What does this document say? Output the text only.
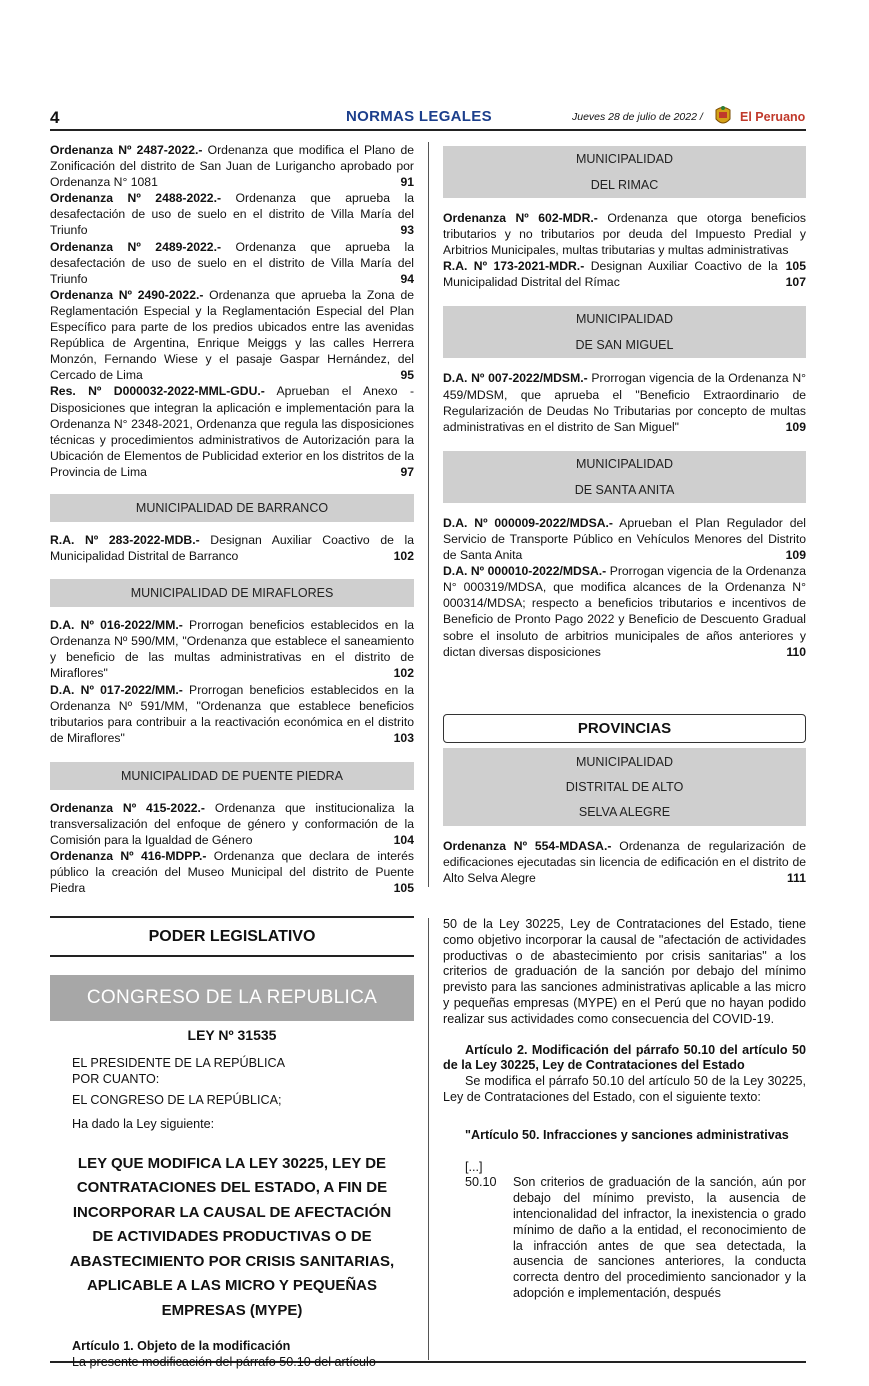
4	NORMAS LEGALES	Jueves 28 de julio de 2022 /	El Peruano
Ordenanza Nº 2487-2022.- Ordenanza que modifica el Plano de Zonificación del distrito de San Juan de Lurigancho aprobado por Ordenanza N° 1081	91
Ordenanza Nº 2488-2022.- Ordenanza que aprueba la desafectación de uso de suelo en el distrito de Villa María del Triunfo	93
Ordenanza Nº 2489-2022.- Ordenanza que aprueba la desafectación de uso de suelo en el distrito de Villa María del Triunfo	94
Ordenanza Nº 2490-2022.- Ordenanza que aprueba la Zona de Reglamentación Especial y la Reglamentación Especial del Plan Específico para parte de los predios ubicados entre las avenidas República de Argentina, Enrique Meiggs y las calles Herrera Monzón, Fernando Wiese y el pasaje Gaspar Hernández, del Cercado de Lima	95
Res. Nº D000032-2022-MML-GDU.- Aprueban el Anexo - Disposiciones que integran la aplicación e implementación para la Ordenanza N° 2348-2021, Ordenanza que regula las disposiciones técnicas y procedimientos administrativos de Autorización para la Ubicación de Elementos de Publicidad exterior en los distritos de la Provincia de Lima	97
MUNICIPALIDAD DE BARRANCO
R.A. Nº 283-2022-MDB.- Designan Auxiliar Coactivo de la Municipalidad Distrital de Barranco	102
MUNICIPALIDAD DE MIRAFLORES
D.A. Nº 016-2022/MM.- Prorrogan beneficios establecidos en la Ordenanza Nº 590/MM, "Ordenanza que establece el saneamiento y beneficio de las multas administrativas en el distrito de Miraflores"	102
D.A. Nº 017-2022/MM.- Prorrogan beneficios establecidos en la Ordenanza Nº 591/MM, "Ordenanza que establece beneficios tributarios para contribuir a la reactivación económica en el distrito de Miraflores"	103
MUNICIPALIDAD DE PUENTE PIEDRA
Ordenanza Nº 415-2022.- Ordenanza que institucionaliza la transversalización del enfoque de género y conformación de la Comisión para la Igualdad de Género	104
Ordenanza Nº 416-MDPP.- Ordenanza que declara de interés público la creación del Museo Municipal del distrito de Puente Piedra	105
MUNICIPALIDAD
DEL RIMAC
Ordenanza Nº 602-MDR.- Ordenanza que otorga beneficios tributarios y no tributarios por deuda del Impuesto Predial y Arbitrios Municipales, multas tributarias y multas administrativas
105
R.A. Nº 173-2021-MDR.- Designan Auxiliar Coactivo de la Municipalidad Distrital del Rímac	107
MUNICIPALIDAD
DE SAN MIGUEL
D.A. Nº 007-2022/MDSM.- Prorrogan vigencia de la Ordenanza N° 459/MDSM, que aprueba el "Beneficio Extraordinario de Regularización de Deudas No Tributarias por concepto de multas administrativas en el distrito de San Miguel"	109
MUNICIPALIDAD
DE SANTA ANITA
D.A. Nº 000009-2022/MDSA.- Aprueban el Plan Regulador del Servicio de Transporte Público en Vehículos Menores del Distrito de Santa Anita	109
D.A. Nº 000010-2022/MDSA.- Prorrogan vigencia de la Ordenanza N° 000319/MDSA, que modifica alcances de la Ordenanza N° 000314/MDSA; respecto a beneficios tributarios e incentivos de Beneficio de Pronto Pago 2022 y Beneficio de Descuento Gradual sobre el insoluto de arbitrios municipales de años anteriores y dictan diversas disposiciones	110
PROVINCIAS
MUNICIPALIDAD
DISTRITAL DE ALTO
SELVA ALEGRE
Ordenanza Nº 554-MDASA.- Ordenanza de regularización de edificaciones ejecutadas sin licencia de edificación en el distrito de Alto Selva Alegre	111
PODER LEGISLATIVO
CONGRESO DE LA REPUBLICA
LEY Nº 31535
EL PRESIDENTE DE LA REPÚBLICA
POR CUANTO:
EL CONGRESO DE LA REPÚBLICA;
Ha dado la Ley siguiente:
LEY QUE MODIFICA LA LEY 30225, LEY DE CONTRATACIONES DEL ESTADO, A FIN DE INCORPORAR LA CAUSAL DE AFECTACIÓN DE ACTIVIDADES PRODUCTIVAS O DE ABASTECIMIENTO POR CRISIS SANITARIAS, APLICABLE A LAS MICRO Y PEQUEÑAS EMPRESAS (MYPE)
Artículo 1. Objeto de la modificación
La presente modificación del párrafo 50.10 del artículo
50 de la Ley 30225, Ley de Contrataciones del Estado, tiene como objetivo incorporar la causal de "afectación de actividades productivas o de abastecimiento por crisis sanitarias" a los criterios de graduación de la sanción por debajo del mínimo previsto para las sanciones administrativas aplicable a las micro y pequeñas empresas (MYPE) en el Perú que no hayan podido realizar sus actividades como consecuencia del COVID-19.
Artículo 2. Modificación del párrafo 50.10 del artículo 50 de la Ley 30225, Ley de Contrataciones del Estado
Se modifica el párrafo 50.10 del artículo 50 de la Ley 30225, Ley de Contrataciones del Estado, con el siguiente texto:
"Artículo 50. Infracciones y sanciones administrativas
[...]
50.10	Son criterios de graduación de la sanción, aún por debajo del mínimo previsto, la ausencia de intencionalidad del infractor, la inexistencia o grado mínimo de daño a la entidad, el reconocimiento de la infracción antes de que sea detectada, la ausencia de sanciones anteriores, la conducta correcta dentro del procedimiento sancionador y la adopción e implementación, después
